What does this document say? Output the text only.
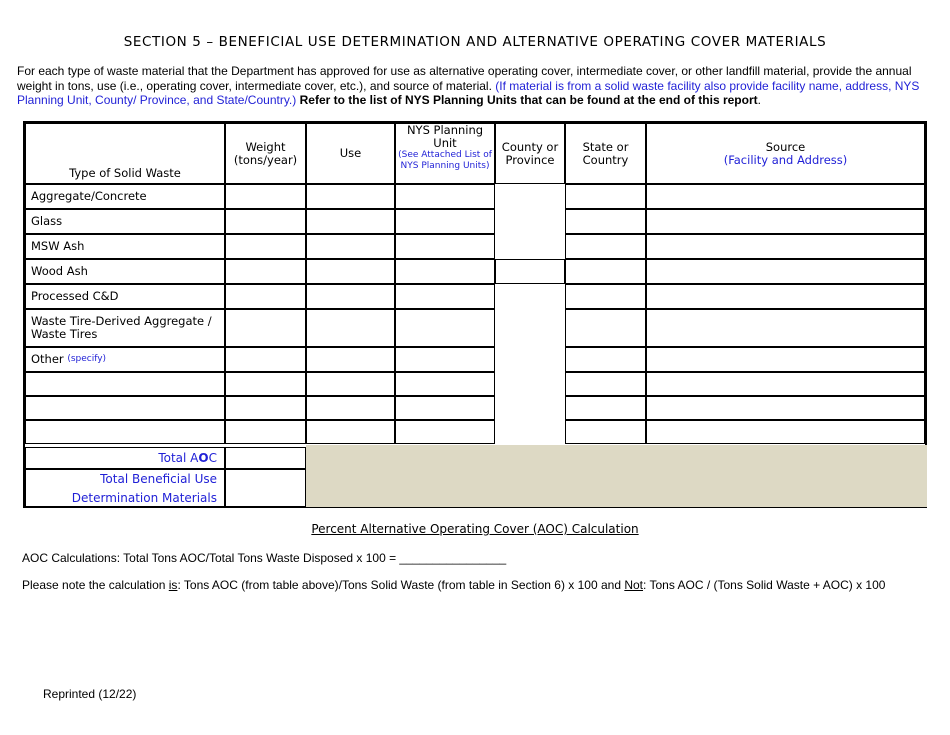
SECTION 5 – BENEFICIAL USE DETERMINATION AND ALTERNATIVE OPERATING COVER MATERIALS
For each type of waste material that the Department has approved for use as alternative operating cover, intermediate cover, or other landfill material, provide the annual weight in tons, use (i.e., operating cover, intermediate cover, etc.), and source of material. (If material is from a solid waste facility also provide facility name, address, NYS Planning Unit, County/ Province, and State/Country.) Refer to the list of NYS Planning Units that can be found at the end of this report.
Type of Solid Waste
Weight
(tons/year)	Use
NYS Planning Unit
(See Attached List of NYS Planning Units)
County or
Province
State or
Country
Source
(Facility and Address)
Aggregate/Concrete
Glass
MSW Ash
Wood Ash
Processed C&D
Waste Tire-Derived Aggregate / Waste Tires
Other
(specify)
Total AOC
Total Beneficial Use
Determination Materials
Percent Alternative Operating Cover (AOC) Calculation
AOC Calculations: Total Tons AOC/Total Tons Waste Disposed x 100 = ________________
Please note the calculation is: Tons AOC (from table above)/Tons Solid Waste (from table in Section 6) x 100 and Not: Tons AOC / (Tons Solid Waste + AOC) x 100
Reprinted (12/22)
